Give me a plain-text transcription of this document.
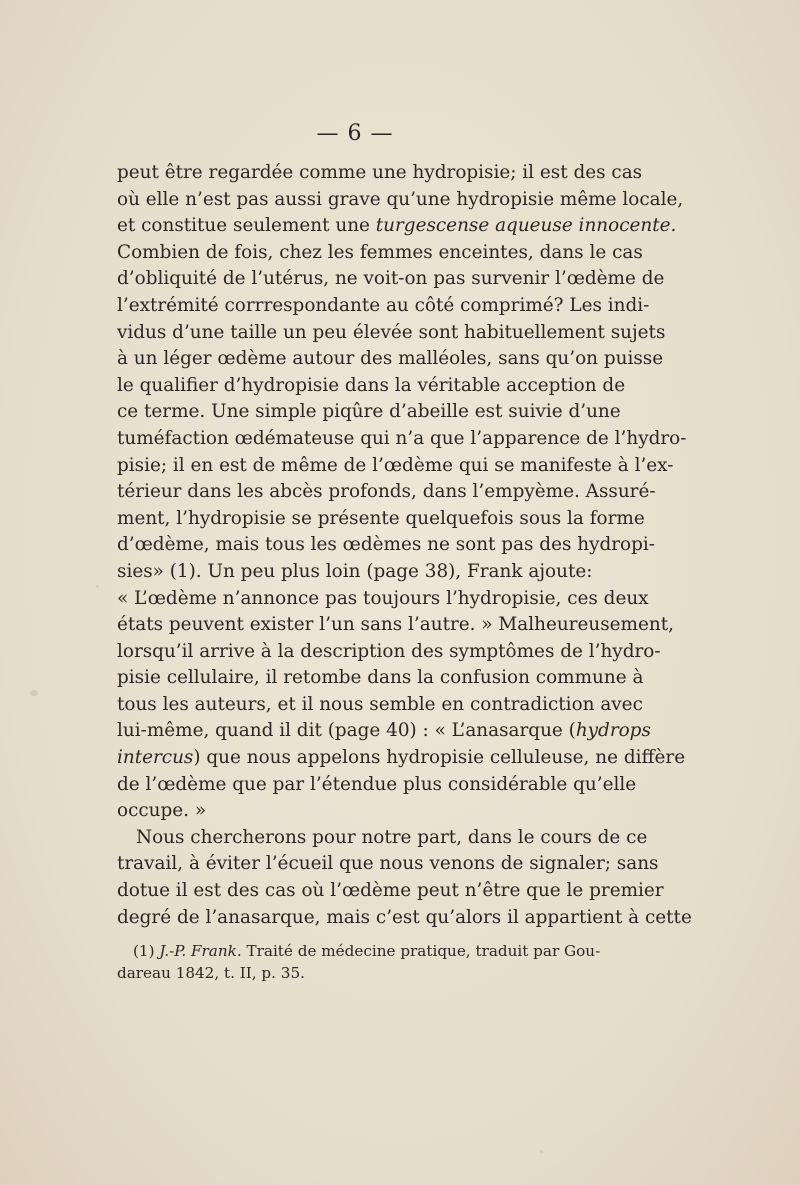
— 6 —
peut être regardée comme une hydropisie; il est des cas
où elle n’est pas aussi grave qu’une hydropisie même locale,
et constitue seulement une turgescense aqueuse innocente.
Combien de fois, chez les femmes enceintes, dans le cas
d’obliquité de l’utérus, ne voit-on pas survenir l’œdème de
l’extrémité corrrespondante au côté comprimé? Les indi-
vidus d’une taille un peu élevée sont habituellement sujets
à un léger œdème autour des malléoles, sans qu’on puisse
le qualifier d’hydropisie dans la véritable acception de
ce terme. Une simple piqûre d’abeille est suivie d’une
tuméfaction œdémateuse qui n’a que l’apparence de l’hydro-
pisie; il en est de même de l’œdème qui se manifeste à l’ex-
térieur dans les abcès profonds, dans l’empyème. Assuré-
ment, l’hydropisie se présente quelquefois sous la forme
d’œdème, mais tous les œdèmes ne sont pas des hydropi-
sies» (1). Un peu plus loin (page 38), Frank ajoute:
« L’œdème n’annonce pas toujours l’hydropisie, ces deux
états peuvent exister l’un sans l’autre. » Malheureusement,
lorsqu’il arrive à la description des symptômes de l’hydro-
pisie cellulaire, il retombe dans la confusion commune à
tous les auteurs, et il nous semble en contradiction avec
lui-même, quand il dit (page 40) : « L’anasarque (hydrops
intercus) que nous appelons hydropisie celluleuse, ne diffère
de l’œdème que par l’étendue plus considérable qu’elle
occupe. »
Nous chercherons pour notre part, dans le cours de ce
travail, à éviter l’écueil que nous venons de signaler; sans
dotue il est des cas où l’œdème peut n’être que le premier
degré de l’anasarque, mais c’est qu’alors il appartient à cette
(1) J.-P. Frank. Traité de médecine pratique, traduit par Gou-
dareau 1842, t. II, p. 35.
